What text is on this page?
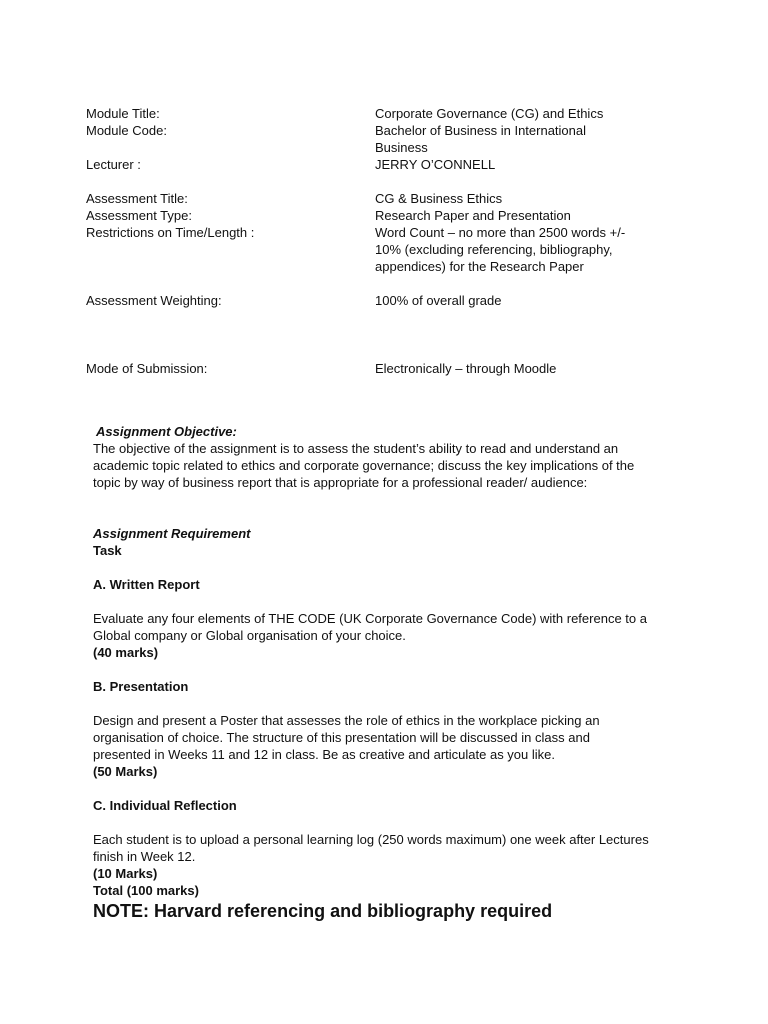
Module Title:	Corporate Governance (CG) and Ethics
Module Code:	Bachelor of Business in International
Business
Lecturer :	JERRY O’CONNELL
Assessment Title:	CG & Business Ethics
Assessment Type:	Research Paper and Presentation
Restrictions on Time/Length :	Word Count – no more than 2500 words +/-
10% (excluding referencing, bibliography,
appendices) for the Research Paper
Assessment Weighting:	100% of overall grade
Mode of Submission:	Electronically – through Moodle
Assignment Objective:
The objective of the assignment is to assess the student’s ability to read and understand an
academic topic related to ethics and corporate governance; discuss the key implications of the
topic by way of business report that is appropriate for a professional reader/ audience:
Assignment Requirement
Task
A. Written Report
Evaluate any four elements of THE CODE (UK Corporate Governance Code) with reference to a
Global company or Global organisation of your choice.
(40 marks)
B. Presentation
Design and present a Poster that assesses the role of ethics in the workplace picking an
organisation of choice. The structure of this presentation will be discussed in class and
presented in Weeks 11 and 12 in class. Be as creative and articulate as you like.
(50 Marks)
C. Individual Reflection
Each student is to upload a personal learning log (250 words maximum) one week after Lectures
finish in Week 12.
(10 Marks)
Total (100 marks)
NOTE: Harvard referencing and bibliography required
